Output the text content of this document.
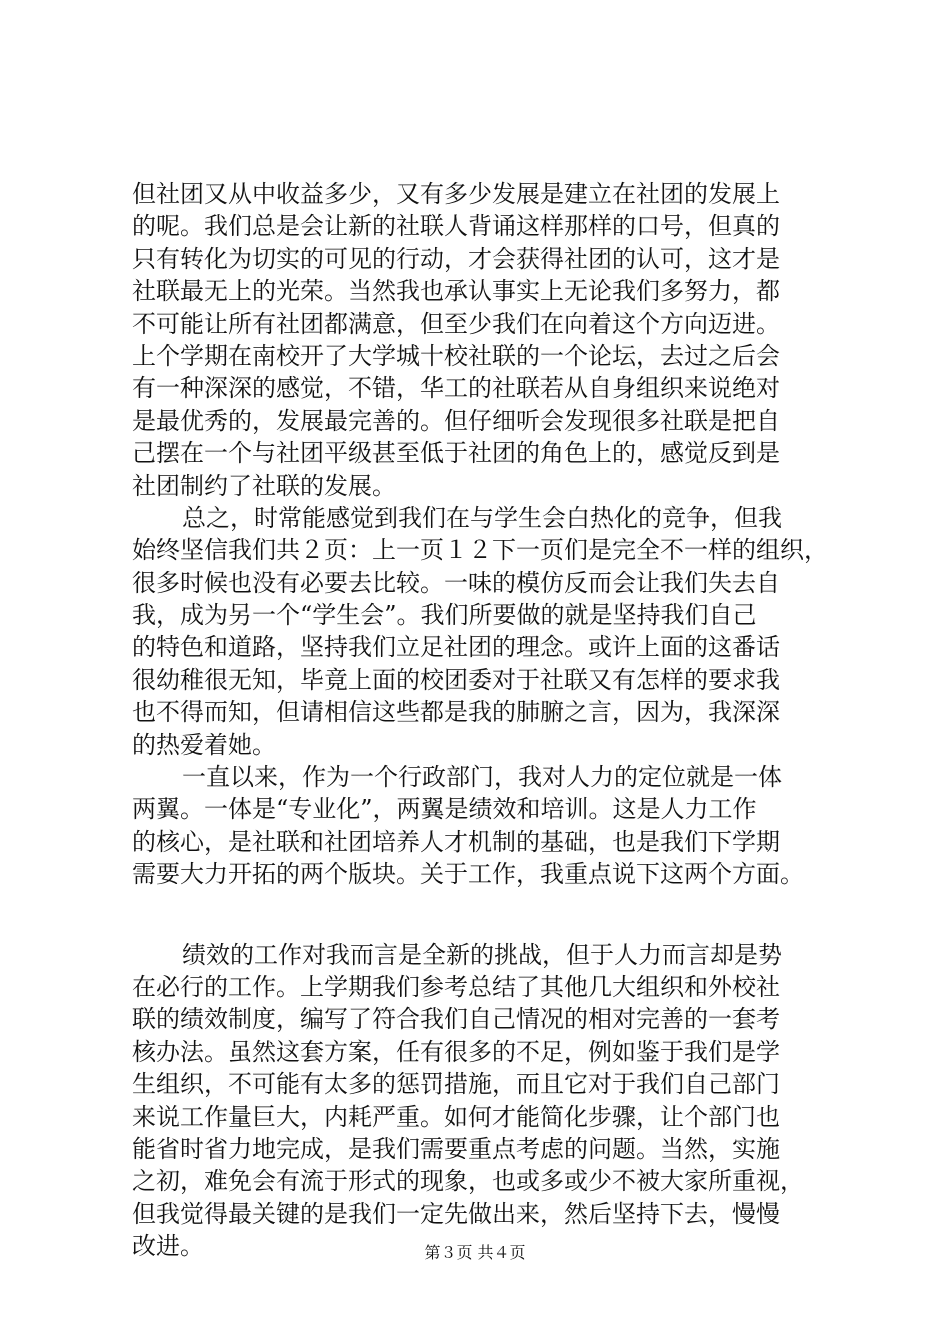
但社团又从中收益多少，又有多少发展是建立在社团的发展上
的呢。我们总是会让新的社联人背诵这样那样的口号，但真的
只有转化为切实的可见的行动，才会获得社团的认可，这才是
社联最无上的光荣。当然我也承认事实上无论我们多努力，都
不可能让所有社团都满意，但至少我们在向着这个方向迈进。
上个学期在南校开了大学城十校社联的一个论坛，去过之后会
有一种深深的感觉，不错，华工的社联若从自身组织来说绝对
是最优秀的，发展最完善的。但仔细听会发现很多社联是把自
己摆在一个与社团平级甚至低于社团的角色上的，感觉反到是
社团制约了社联的发展。
总之，时常能感觉到我们在与学生会白热化的竞争，但我
始终坚信我们共２页：上一页１２下一页们是完全不一样的组织，
很多时候也没有必要去比较。一味的模仿反而会让我们失去自
我，成为另一个“学生会”。我们所要做的就是坚持我们自己
的特色和道路，坚持我们立足社团的理念。或许上面的这番话
很幼稚很无知，毕竟上面的校团委对于社联又有怎样的要求我
也不得而知，但请相信这些都是我的肺腑之言，因为，我深深
的热爱着她。
一直以来，作为一个行政部门，我对人力的定位就是一体
两翼。一体是“专业化”，两翼是绩效和培训。这是人力工作
的核心，是社联和社团培养人才机制的基础，也是我们下学期
需要大力开拓的两个版块。关于工作，我重点说下这两个方面。
绩效的工作对我而言是全新的挑战，但于人力而言却是势
在必行的工作。上学期我们参考总结了其他几大组织和外校社
联的绩效制度，编写了符合我们自己情况的相对完善的一套考
核办法。虽然这套方案，任有很多的不足，例如鉴于我们是学
生组织，不可能有太多的惩罚措施，而且它对于我们自己部门
来说工作量巨大，内耗严重。如何才能简化步骤，让个部门也
能省时省力地完成，是我们需要重点考虑的问题。当然，实施
之初，难免会有流于形式的现象，也或多或少不被大家所重视，
但我觉得最关键的是我们一定先做出来，然后坚持下去，慢慢
改进。	第３页 共４页
